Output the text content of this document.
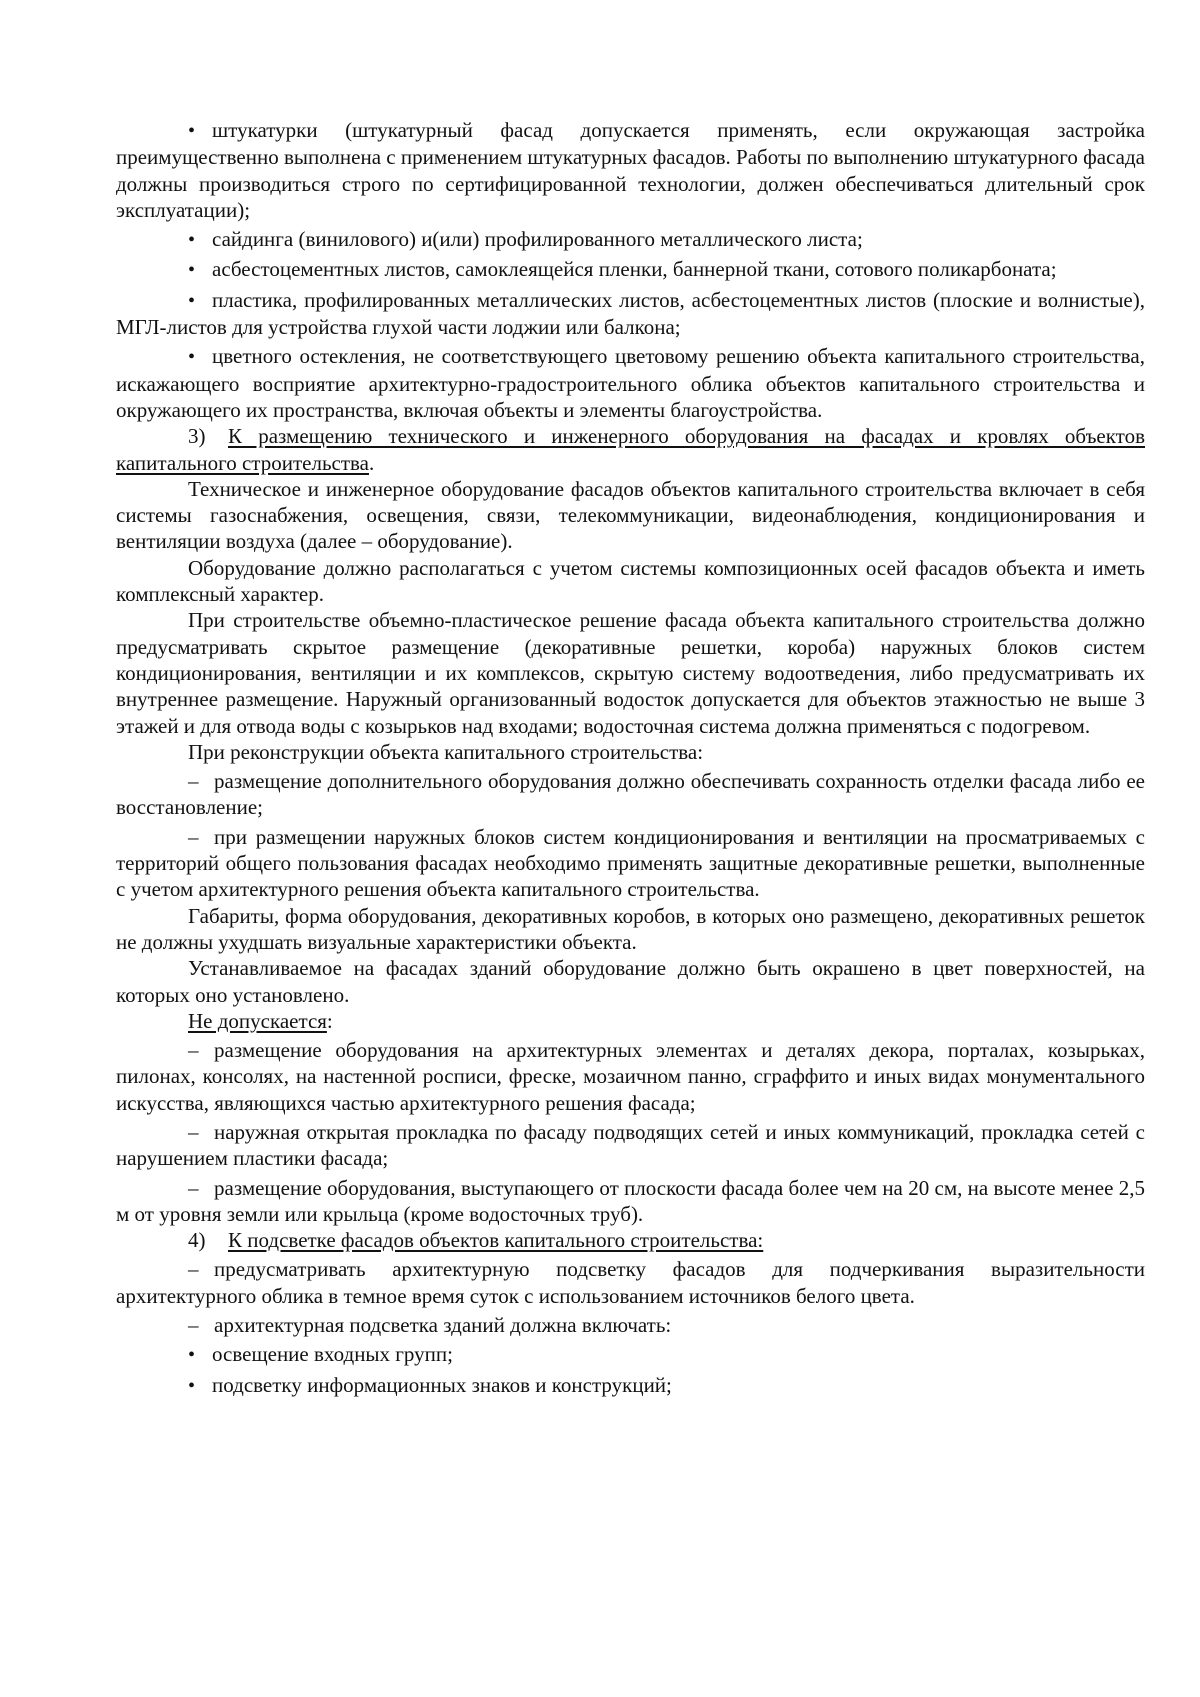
• штукатурки (штукатурный фасад допускается применять, если окружающая застройка преимущественно выполнена с применением штукатурных фасадов. Работы по выполнению штукатурного фасада должны производиться строго по сертифицированной технологии, должен обеспечиваться длительный срок эксплуатации);

• сайдинга (винилового) и(или) профилированного металлического листа;

• асбестоцементных листов, самоклеящейся пленки, баннерной ткани, сотового поликарбоната;

• пластика, профилированных металлических листов, асбестоцементных листов (плоские и волнистые), МГЛ-листов для устройства глухой части лоджии или балкона;

• цветного остекления, не соответствующего цветовому решению объекта капитального строительства, искажающего восприятие архитектурно-градостроительного облика объектов капитального строительства и окружающего их пространства, включая объекты и элементы благоустройства.

3) К размещению технического и инженерного оборудования на фасадах и кровлях объектов капитального строительства.

Техническое и инженерное оборудование фасадов объектов капитального строительства включает в себя системы газоснабжения, освещения, связи, телекоммуникации, видеонаблюдения, кондиционирования и вентиляции воздуха (далее – оборудование).

Оборудование должно располагаться с учетом системы композиционных осей фасадов объекта и иметь комплексный характер.

При строительстве объемно-пластическое решение фасада объекта капитального строительства должно предусматривать скрытое размещение (декоративные решетки, короба) наружных блоков систем кондиционирования, вентиляции и их комплексов, скрытую систему водоотведения, либо предусматривать их внутреннее размещение. Наружный организованный водосток допускается для объектов этажностью не выше 3 этажей и для отвода воды с козырьков над входами; водосточная система должна применяться с подогревом.

При реконструкции объекта капитального строительства:

– размещение дополнительного оборудования должно обеспечивать сохранность отделки фасада либо ее восстановление;

– при размещении наружных блоков систем кондиционирования и вентиляции на просматриваемых с территорий общего пользования фасадах необходимо применять защитные декоративные решетки, выполненные с учетом архитектурного решения объекта капитального строительства.

Габариты, форма оборудования, декоративных коробов, в которых оно размещено, декоративных решеток не должны ухудшать визуальные характеристики объекта.

Устанавливаемое на фасадах зданий оборудование должно быть окрашено в цвет поверхностей, на которых оно установлено.

Не допускается:

– размещение оборудования на архитектурных элементах и деталях декора, порталах, козырьках, пилонах, консолях, на настенной росписи, фреске, мозаичном панно, сграффито и иных видах монументального искусства, являющихся частью архитектурного решения фасада;

– наружная открытая прокладка по фасаду подводящих сетей и иных коммуникаций, прокладка сетей с нарушением пластики фасада;

– размещение оборудования, выступающего от плоскости фасада более чем на 20 см, на высоте менее 2,5 м от уровня земли или крыльца (кроме водосточных труб).

4) К подсветке фасадов объектов капитального строительства:

– предусматривать архитектурную подсветку фасадов для подчеркивания выразительности архитектурного облика в темное время суток с использованием источников белого цвета.

– архитектурная подсветка зданий должна включать:

• освещение входных групп;

• подсветку информационных знаков и конструкций;
